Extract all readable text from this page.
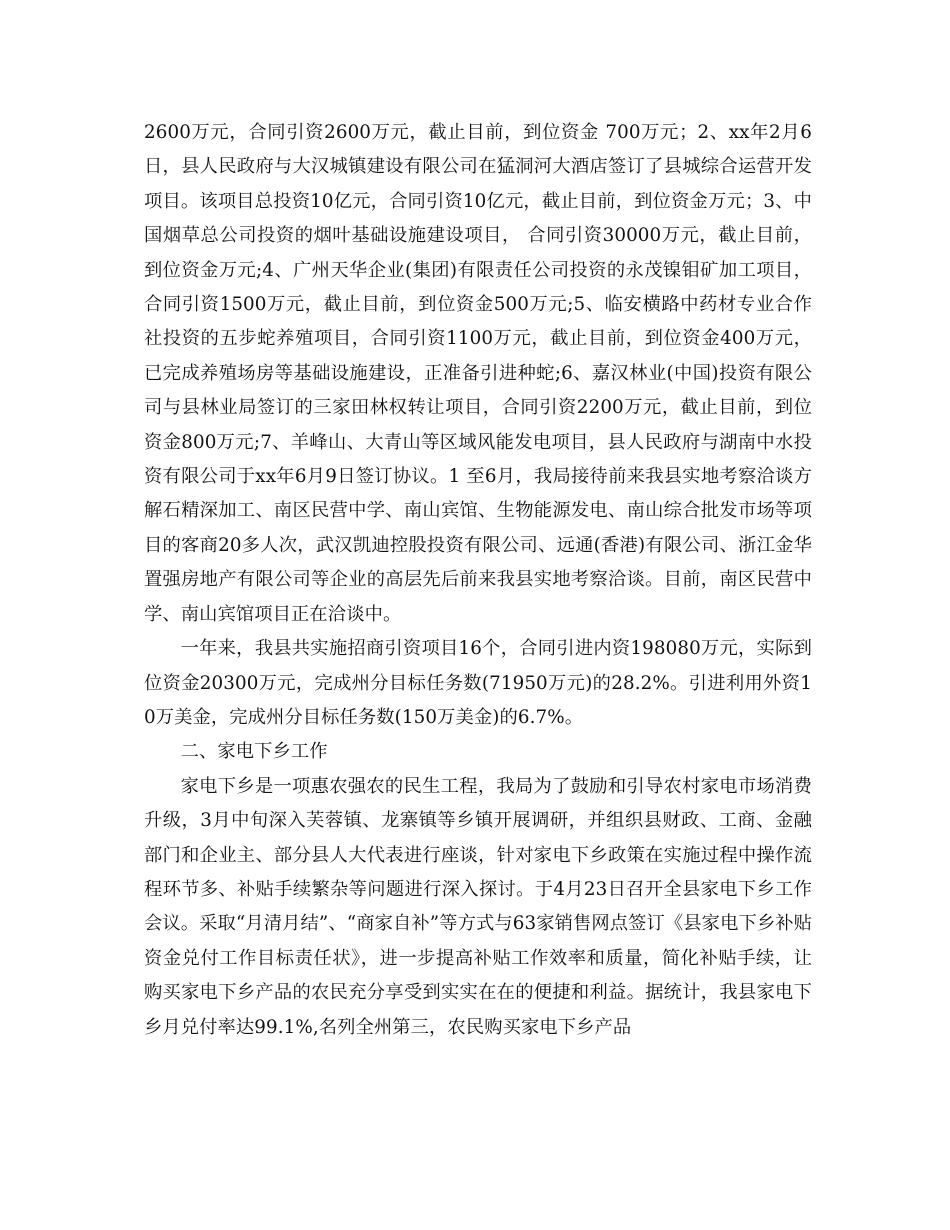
2600万元，合同引资2600万元，截止目前，到位资金 700万元；2、xx年2月6日，县人民政府与大汉城镇建设有限公司在猛洞河大酒店签订了县城综合运营开发项目。该项目总投资10亿元，合同引资10亿元，截止目前，到位资金万元；3、中国烟草总公司投资的烟叶基础设施建设项目， 合同引资30000万元，截止目前，到位资金万元;4、广州天华企业(集团)有限责任公司投资的永茂镍钼矿加工项目，合同引资1500万元，截止目前，到位资金500万元;5、临安横路中药材专业合作社投资的五步蛇养殖项目，合同引资1100万元，截止目前，到位资金400万元，已完成养殖场房等基础设施建设，正准备引进种蛇;6、嘉汉林业(中国)投资有限公司与县林业局签订的三家田林权转让项目，合同引资2200万元，截止目前，到位资金800万元;7、羊峰山、大青山等区域风能发电项目，县人民政府与湖南中水投资有限公司于xx年6月9日签订协议。1 至6月，我局接待前来我县实地考察洽谈方解石精深加工、南区民营中学、南山宾馆、生物能源发电、南山综合批发市场等项目的客商20多人次，武汉凯迪控股投资有限公司、远通(香港)有限公司、浙江金华置强房地产有限公司等企业的高层先后前来我县实地考察洽谈。目前，南区民营中学、南山宾馆项目正在洽谈中。

一年来，我县共实施招商引资项目16个，合同引进内资198080万元，实际到位资金20300万元，完成州分目标任务数(71950万元)的28.2%。引进利用外资10万美金，完成州分目标任务数(150万美金)的6.7%。

二、家电下乡工作

家电下乡是一项惠农强农的民生工程，我局为了鼓励和引导农村家电市场消费升级，3月中旬深入芙蓉镇、龙寨镇等乡镇开展调研，并组织县财政、工商、金融部门和企业主、部分县人大代表进行座谈，针对家电下乡政策在实施过程中操作流程环节多、补贴手续繁杂等问题进行深入探讨。于4月23日召开全县家电下乡工作会议。采取“月清月结”、“商家自补”等方式与63家销售网点签订《县家电下乡补贴资金兑付工作目标责任状》，进一步提高补贴工作效率和质量，简化补贴手续，让购买家电下乡产品的农民充分享受到实实在在的便捷和利益。据统计，我县家电下乡月兑付率达99.1%,名列全州第三，农民购买家电下乡产品
